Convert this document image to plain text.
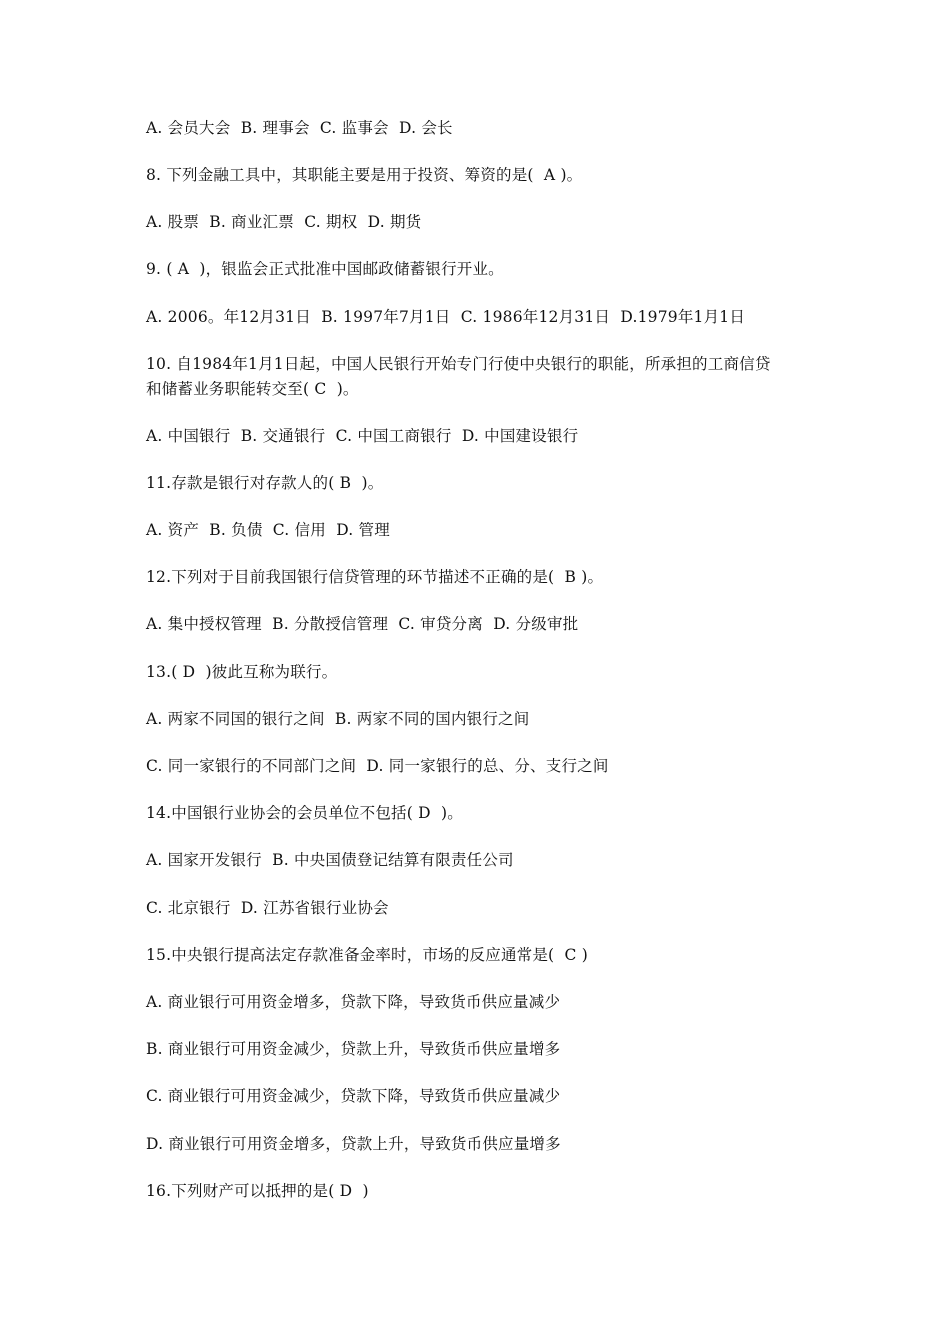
A. 会员大会  B. 理事会  C. 监事会  D. 会长
8. 下列金融工具中，其职能主要是用于投资、筹资的是(  A )。
A. 股票  B. 商业汇票  C. 期权  D. 期货
9. ( A  )，银监会正式批准中国邮政储蓄银行开业。
A. 2006。年12月31日  B. 1997年7月1日  C. 1986年12月31日  D.1979年1月1日
10. 自1984年1月1日起，中国人民银行开始专门行使中央银行的职能，所承担的工商信贷
和储蓄业务职能转交至( C  )。
A. 中国银行  B. 交通银行  C. 中国工商银行  D. 中国建设银行
11.存款是银行对存款人的( B  )。
A. 资产  B. 负债  C. 信用  D. 管理
12.下列对于目前我国银行信贷管理的环节描述不正确的是(  B )。
A. 集中授权管理  B. 分散授信管理  C. 审贷分离  D. 分级审批
13.( D  )彼此互称为联行。
A. 两家不同国的银行之间  B. 两家不同的国内银行之间
C. 同一家银行的不同部门之间  D. 同一家银行的总、分、支行之间
14.中国银行业协会的会员单位不包括( D  )。
A. 国家开发银行  B. 中央国债登记结算有限责任公司
C. 北京银行  D. 江苏省银行业协会
15.中央银行提高法定存款准备金率时，市场的反应通常是(  C )
A. 商业银行可用资金增多，贷款下降，导致货币供应量减少
B. 商业银行可用资金减少，贷款上升，导致货币供应量增多
C. 商业银行可用资金减少，贷款下降，导致货币供应量减少
D. 商业银行可用资金增多，贷款上升，导致货币供应量增多
16.下列财产可以抵押的是( D  )
